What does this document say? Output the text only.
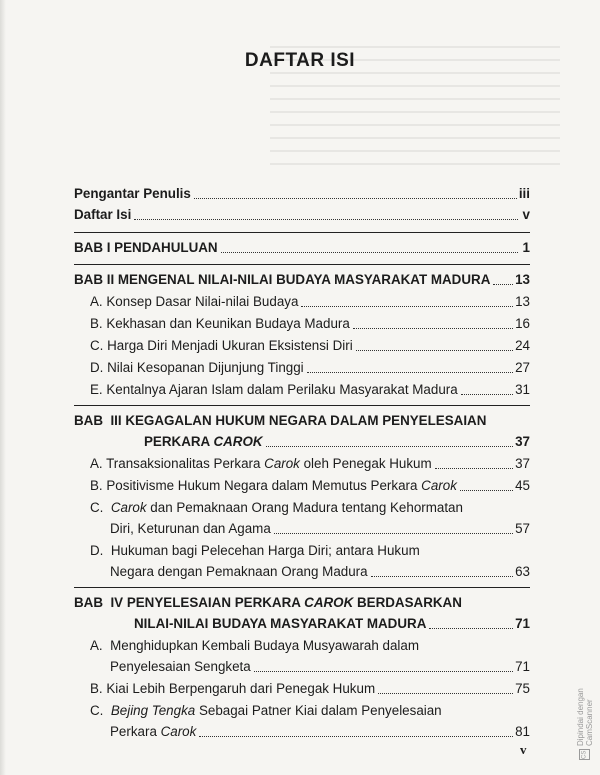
DAFTAR ISI
Pengantar Penulis	iii
Daftar Isi	v
BAB I PENDAHULUAN	1
BAB II MENGENAL NILAI-NILAI BUDAYA MASYARAKAT MADURA 13
A. Konsep Dasar Nilai-nilai Budaya	13
B. Kekhasan dan Keunikan Budaya Madura	16
C. Harga Diri Menjadi Ukuran Eksistensi Diri	24
D. Nilai Kesopanan Dijunjung Tinggi	27
E. Kentalnya Ajaran Islam dalam Perilaku Masyarakat Madura	31
BAB  III KEGAGALAN HUKUM NEGARA DALAM PENYELESAIAN
PERKARA CAROK	37
A. Transaksionalitas Perkara Carok oleh Penegak Hukum	37
B. Positivisme Hukum Negara dalam Memutus Perkara Carok	45
C.  Carok dan Pemaknaan Orang Madura tentang Kehormatan
Diri, Keturunan dan Agama	57
D.  Hukuman bagi Pelecehan Harga Diri; antara Hukum
Negara dengan Pemaknaan Orang Madura	63
BAB  IV PENYELESAIAN PERKARA CAROK BERDASARKAN
NILAI-NILAI BUDAYA MASYARAKAT MADURA	71
A.  Menghidupkan Kembali Budaya Musyawarah dalam
Penyelesaian Sengketa	71
B. Kiai Lebih Berpengaruh dari Penegak Hukum	75
C.  Bejing Tengka Sebagai Patner Kiai dalam Penyelesaian
Perkara Carok	81
v	CS
Dipindai dengan CamScanner
